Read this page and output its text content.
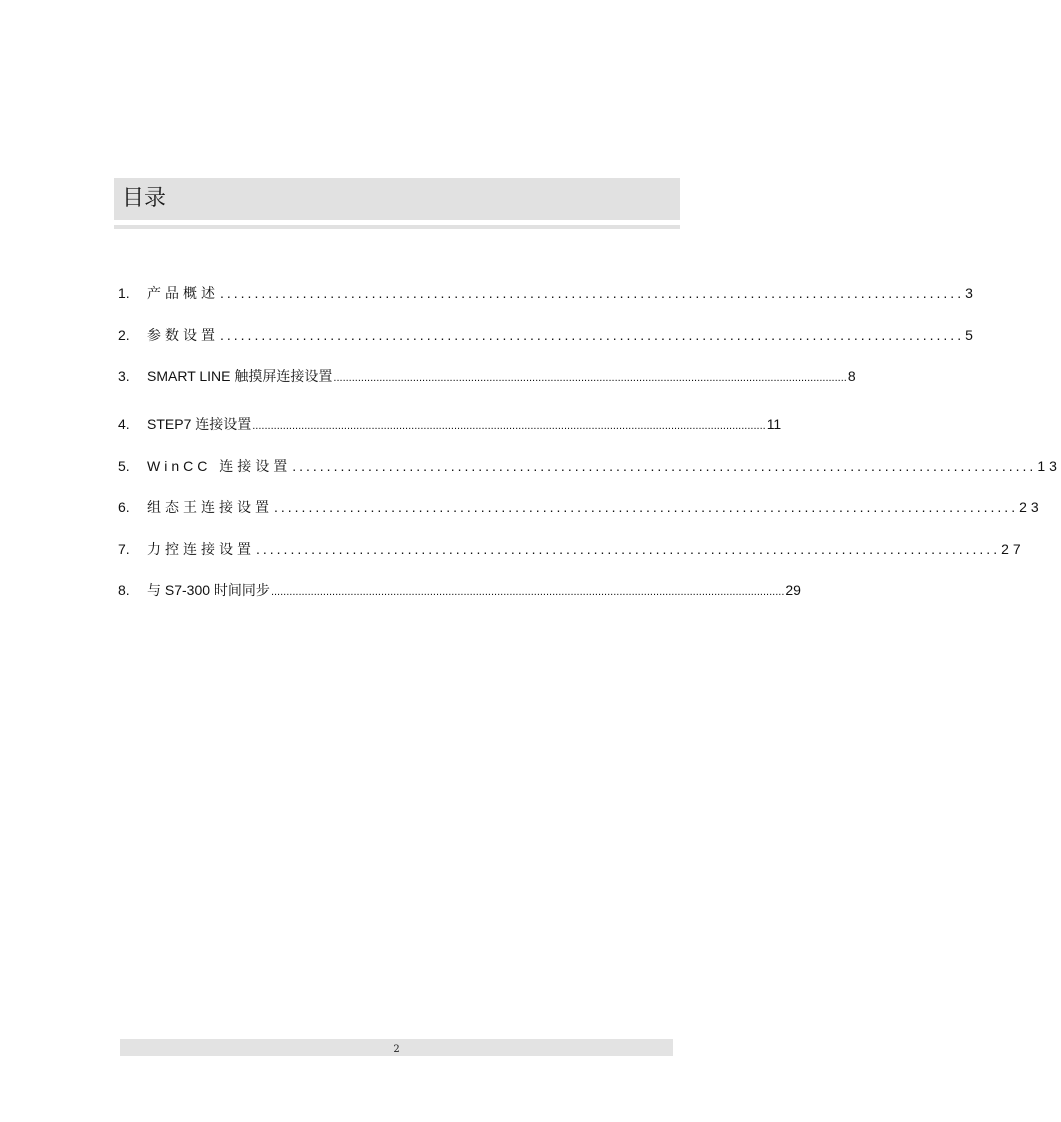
目录
1.	产品概述 ............................................................................................................ 3
2.	参数设置 ............................................................................................................ 5
3.	SMART LINE 触摸屏连接设置 ........................................................................................................................................................................ 8
4.	STEP7 连接设置 ........................................................................................................................................................................ 11
5.	WinCC 连接设置 ............................................................................................................ 13
6.	组态王连接设置 ............................................................................................................ 23
7.	力控连接设置 ............................................................................................................ 27
8.	与 S7-300 时间同步 ........................................................................................................................................................................ 29
2
